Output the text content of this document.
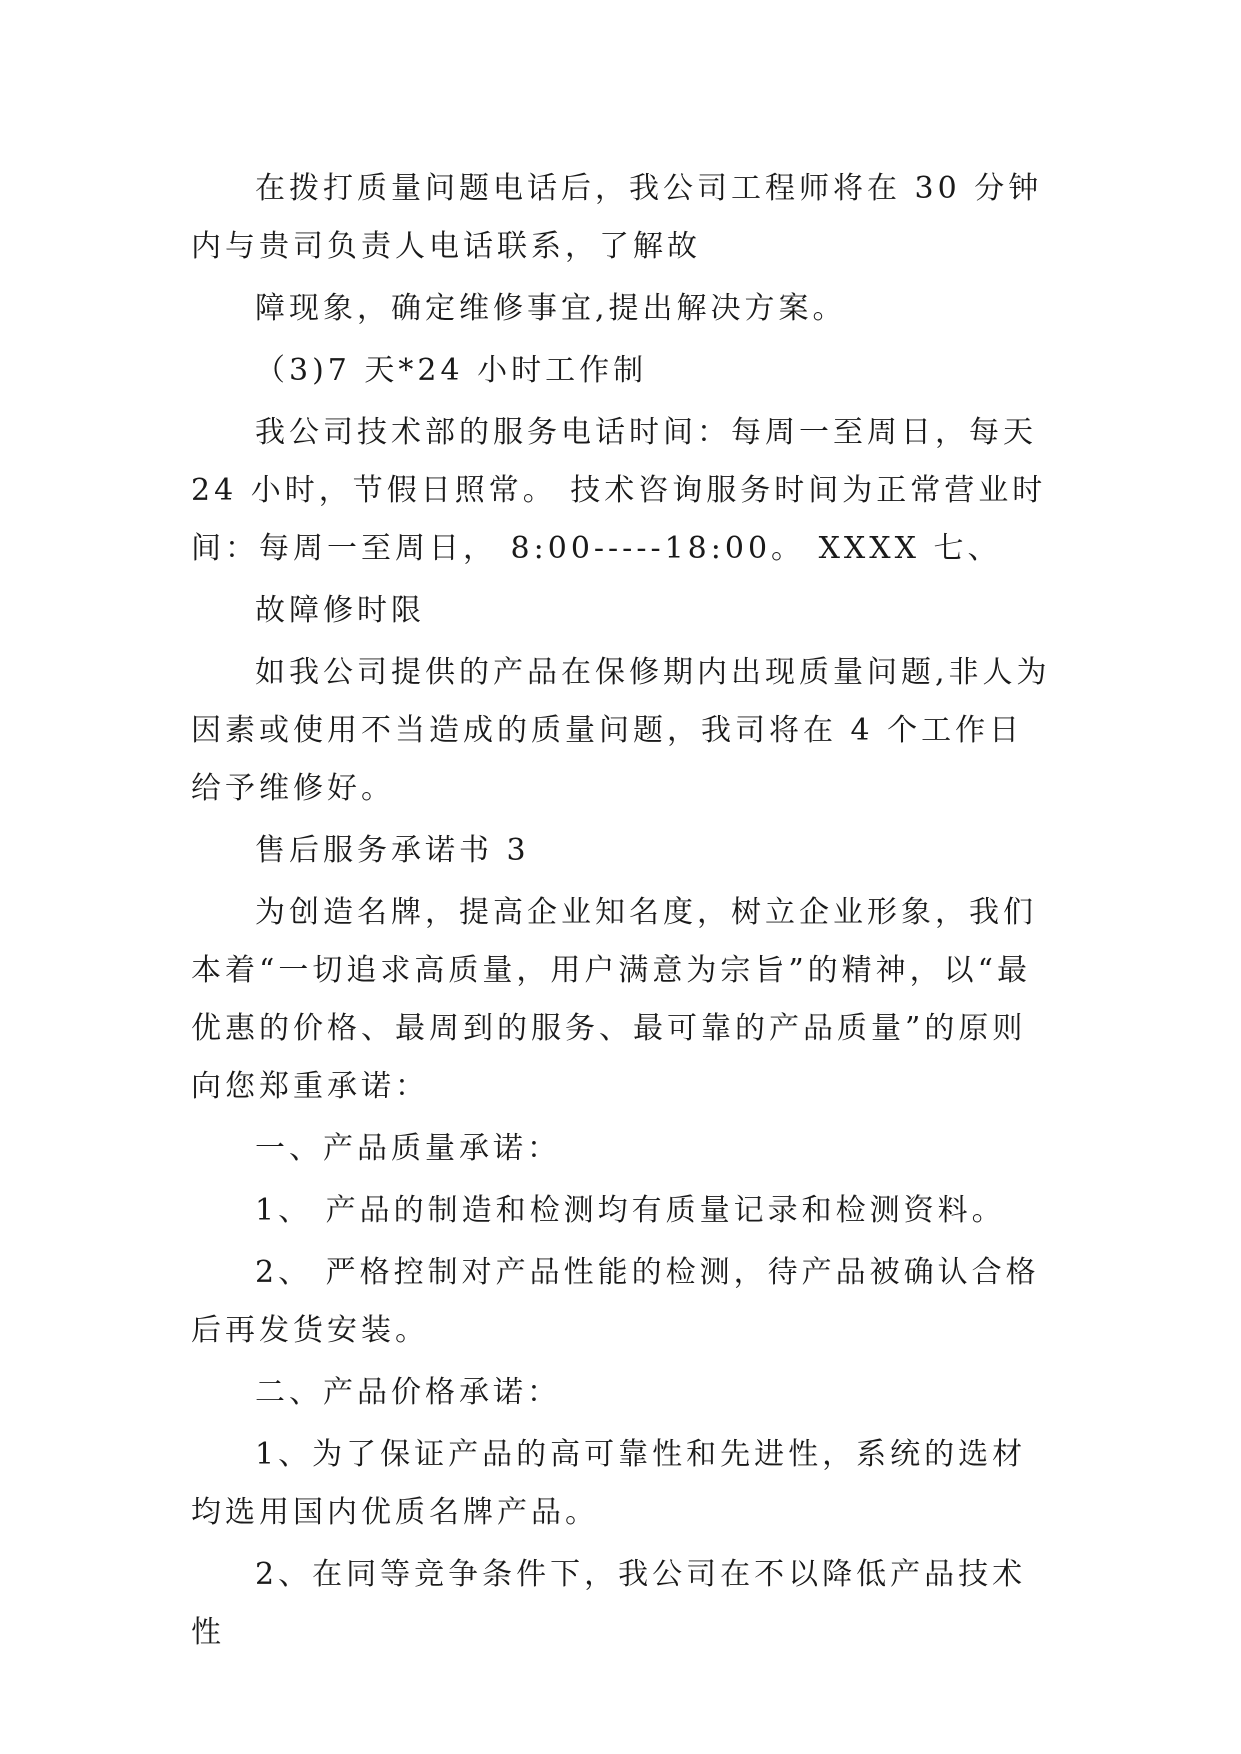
在拨打质量问题电话后，我公司工程师将在 30 分钟内与贵司负责人电话联系，了解故

障现象，确定维修事宜,提出解决方案。

（3)7 天*24 小时工作制

我公司技术部的服务电话时间：每周一至周日，每天 24 小时，节假日照常。 技术咨询服务时间为正常营业时间：每周一至周日， 8:00-----18:00。 XXXX 七、

故障修时限

如我公司提供的产品在保修期内出现质量问题,非人为因素或使用不当造成的质量问题，我司将在 4 个工作日给予维修好。

售后服务承诺书 3

为创造名牌，提高企业知名度，树立企业形象，我们本着“一切追求高质量，用户满意为宗旨”的精神，以“最优惠的价格、最周到的服务、最可靠的产品质量”的原则向您郑重承诺：

一、产品质量承诺：

1、 产品的制造和检测均有质量记录和检测资料。

2、 严格控制对产品性能的检测，待产品被确认合格后再发货安装。

二、产品价格承诺：

1、为了保证产品的高可靠性和先进性，系统的选材均选用国内优质名牌产品。

2、在同等竞争条件下，我公司在不以降低产品技术性
